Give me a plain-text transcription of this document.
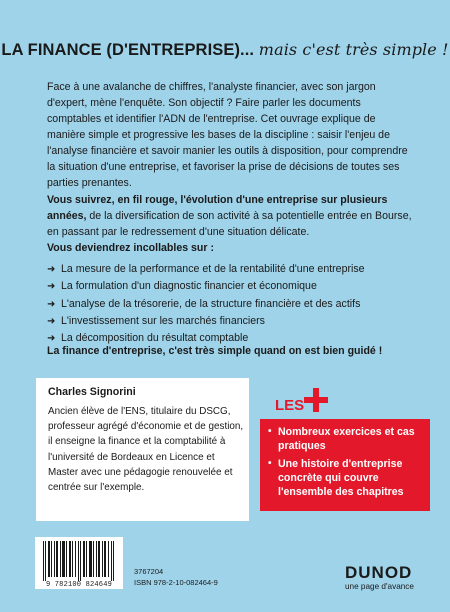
LA FINANCE (D'ENTREPRISE)... mais c'est très simple !

Face à une avalanche de chiffres, l'analyste financier, avec son jargon d'expert, mène l'enquête. Son objectif ? Faire parler les documents comptables et identifier l'ADN de l'entreprise. Cet ouvrage explique de manière simple et progressive les bases de la discipline : saisir l'enjeu de l'analyse financière et savoir manier les outils à disposition, pour comprendre la situation d'une entreprise, et favoriser la prise de décisions de toutes ses parties prenantes.

Vous suivrez, en fil rouge, l'évolution d'une entreprise sur plusieurs années, de la diversification de son activité à sa potentielle entrée en Bourse, en passant par le redressement d'une situation délicate.

Vous deviendrez incollables sur :

➜ La mesure de la performance et de la rentabilité d'une entreprise
➜ La formulation d'un diagnostic financier et économique
➜ L'analyse de la trésorerie, de la structure financière et des actifs
➜ L'investissement sur les marchés financiers
➜ La décomposition du résultat comptable

La finance d'entreprise, c'est très simple quand on est bien guidé !

Charles Signorini

Ancien élève de l'ENS, titulaire du DSCG, professeur agrégé d'économie et de gestion, il enseigne la finance et la comptabilité à l'université de Bordeaux en Licence et Master avec une pédagogie renouvelée et centrée sur l'exemple.

LES
• Nombreux exercices et cas pratiques
• Une histoire d'entreprise concrète qui couvre l'ensemble des chapitres
9 782100 824649
3767204
ISBN 978-2-10-082464-9
DUNOD
une page d'avance
